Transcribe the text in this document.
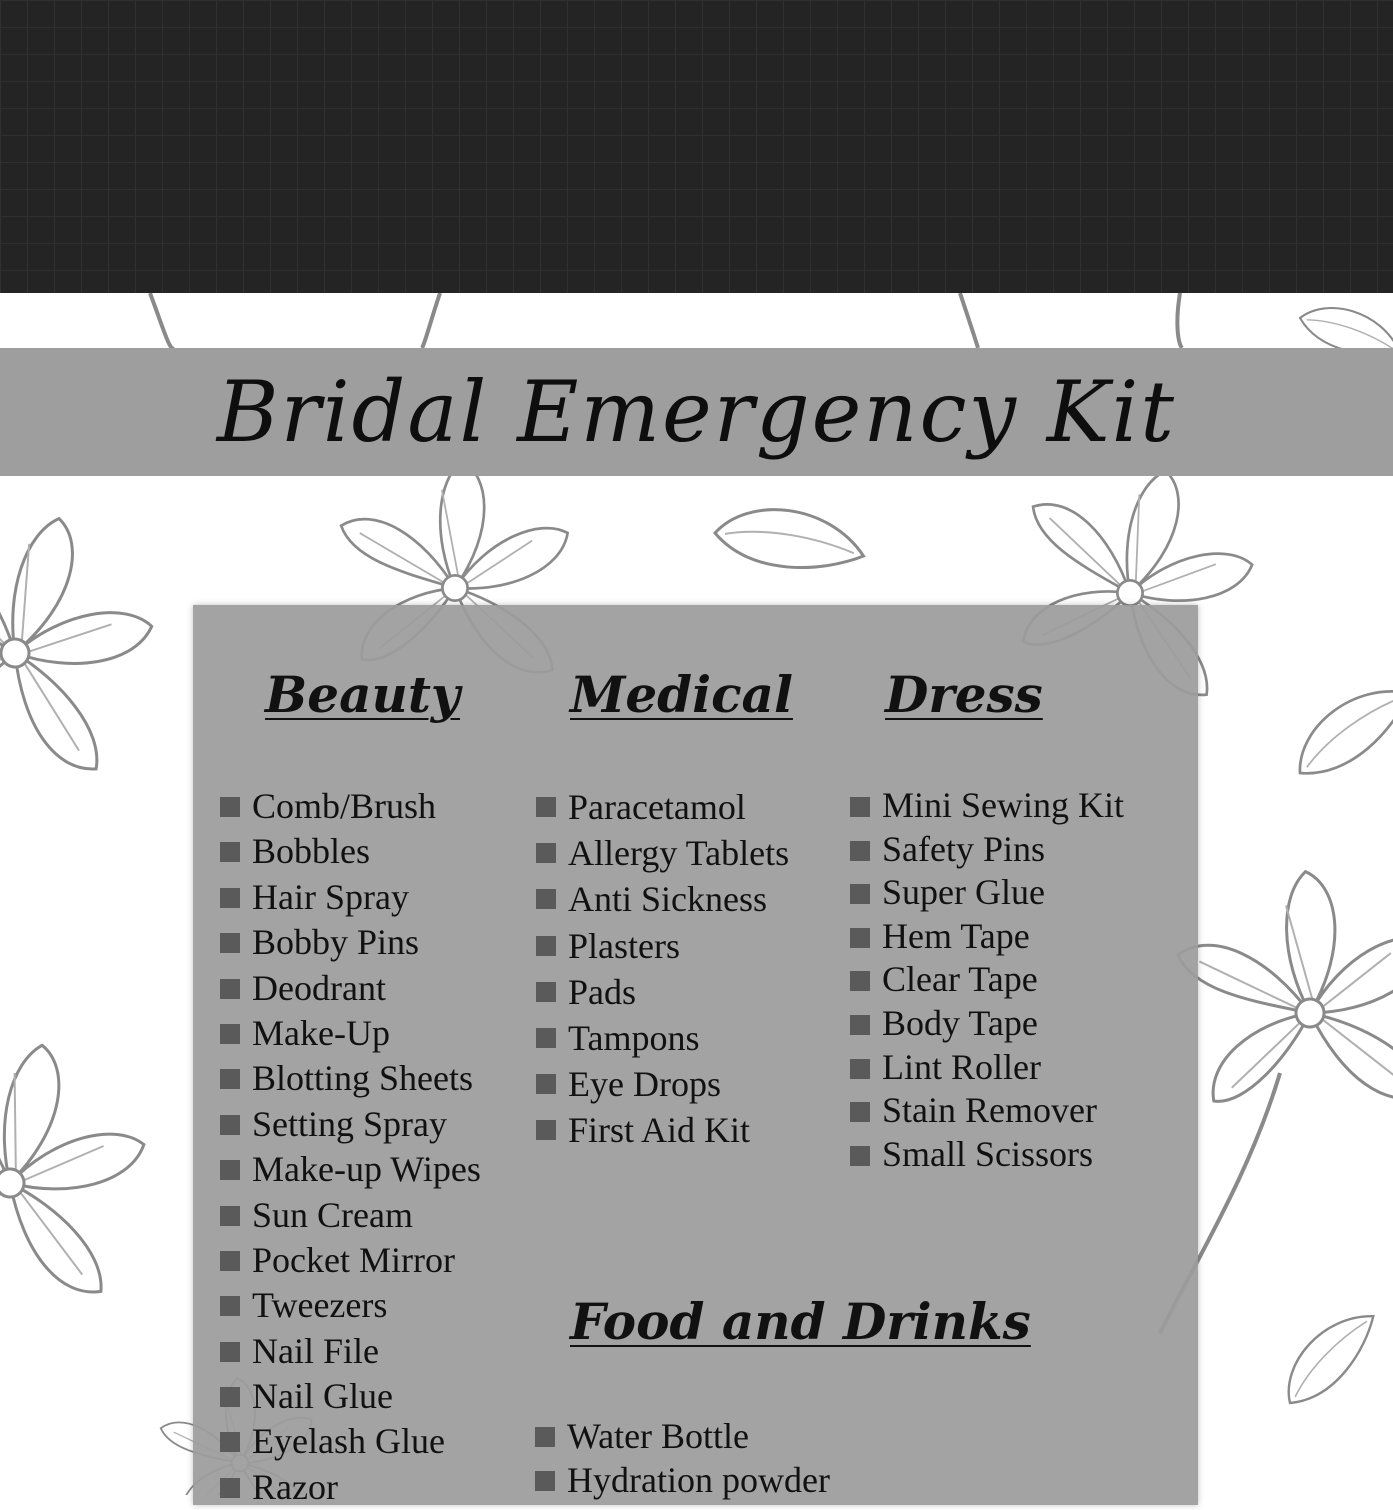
Bridal Emergency Kit
Beauty
Comb/Brush
Bobbles
Hair Spray
Bobby Pins
Deodrant
Make-Up
Blotting Sheets
Setting Spray
Make-up Wipes
Sun Cream
Pocket Mirror
Tweezers
Nail File
Nail Glue
Eyelash Glue
Razor
Medical
Paracetamol
Allergy Tablets
Anti Sickness
Plasters
Pads
Tampons
Eye Drops
First Aid Kit
Dress
Mini Sewing Kit
Safety Pins
Super Glue
Hem Tape
Clear Tape
Body Tape
Lint Roller
Stain Remover
Small Scissors
Food and Drinks
Water Bottle
Hydration powder
